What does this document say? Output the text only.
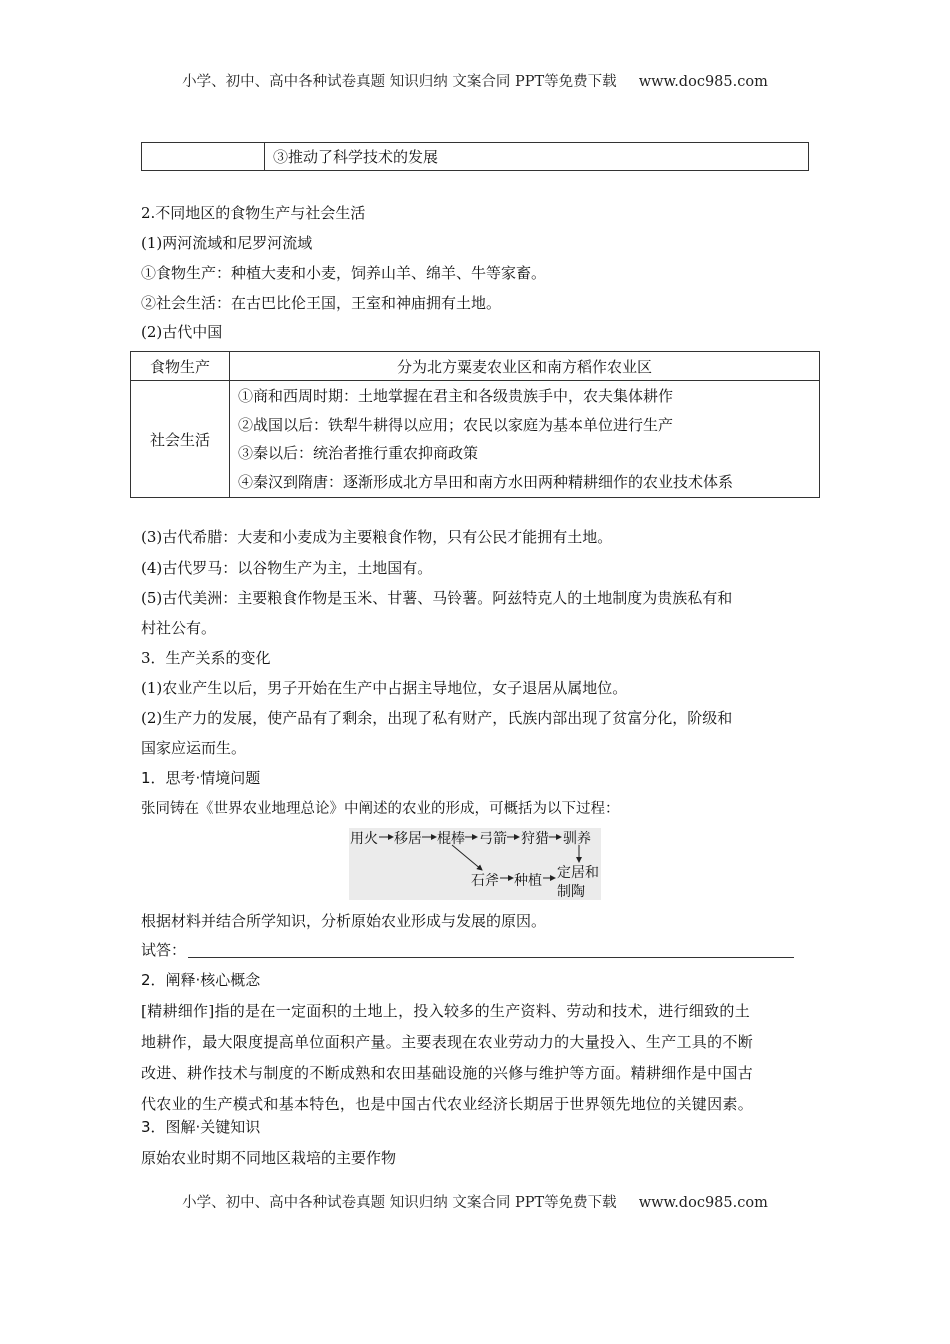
小学、初中、高中各种试卷真题 知识归纳 文案合同 PPT等免费下载 www.doc985.com
	③推动了科学技术的发展
2.不同地区的食物生产与社会生活
(1)两河流域和尼罗河流域
①食物生产：种植大麦和小麦，饲养山羊、绵羊、牛等家畜。
②社会生活：在古巴比伦王国，王室和神庙拥有土地。
(2)古代中国
食物生产	分为北方粟麦农业区和南方稻作农业区
社会生活	①商和西周时期：土地掌握在君主和各级贵族手中，农夫集体耕作
②战国以后：铁犁牛耕得以应用；农民以家庭为基本单位进行生产
③秦以后：统治者推行重农抑商政策
④秦汉到隋唐：逐渐形成北方旱田和南方水田两种精耕细作的农业技术体系
(3)古代希腊：大麦和小麦成为主要粮食作物，只有公民才能拥有土地。
(4)古代罗马：以谷物生产为主，土地国有。
(5)古代美洲：主要粮食作物是玉米、甘薯、马铃薯。阿兹特克人的土地制度为贵族私有和
村社公有。
3．生产关系的变化
(1)农业产生以后，男子开始在生产中占据主导地位，女子退居从属地位。
(2)生产力的发展，使产品有了剩余，出现了私有财产，氏族内部出现了贫富分化，阶级和
国家应运而生。
1．思考·情境问题
张同铸在《世界农业地理总论》中阐述的农业的形成，可概括为以下过程：
用火 移居 棍棒 弓箭 狩猎 驯养
石斧 种植 定居和
制陶
根据材料并结合所学知识，分析原始农业形成与发展的原因。
试答：
2．阐释·核心概念
[精耕细作]指的是在一定面积的土地上，投入较多的生产资料、劳动和技术，进行细致的土
地耕作，最大限度提高单位面积产量。主要表现在农业劳动力的大量投入、生产工具的不断
改进、耕作技术与制度的不断成熟和农田基础设施的兴修与维护等方面。精耕细作是中国古
代农业的生产模式和基本特色，也是中国古代农业经济长期居于世界领先地位的关键因素。
3．图解·关键知识
原始农业时期不同地区栽培的主要作物
小学、初中、高中各种试卷真题 知识归纳 文案合同 PPT等免费下载 www.doc985.com
